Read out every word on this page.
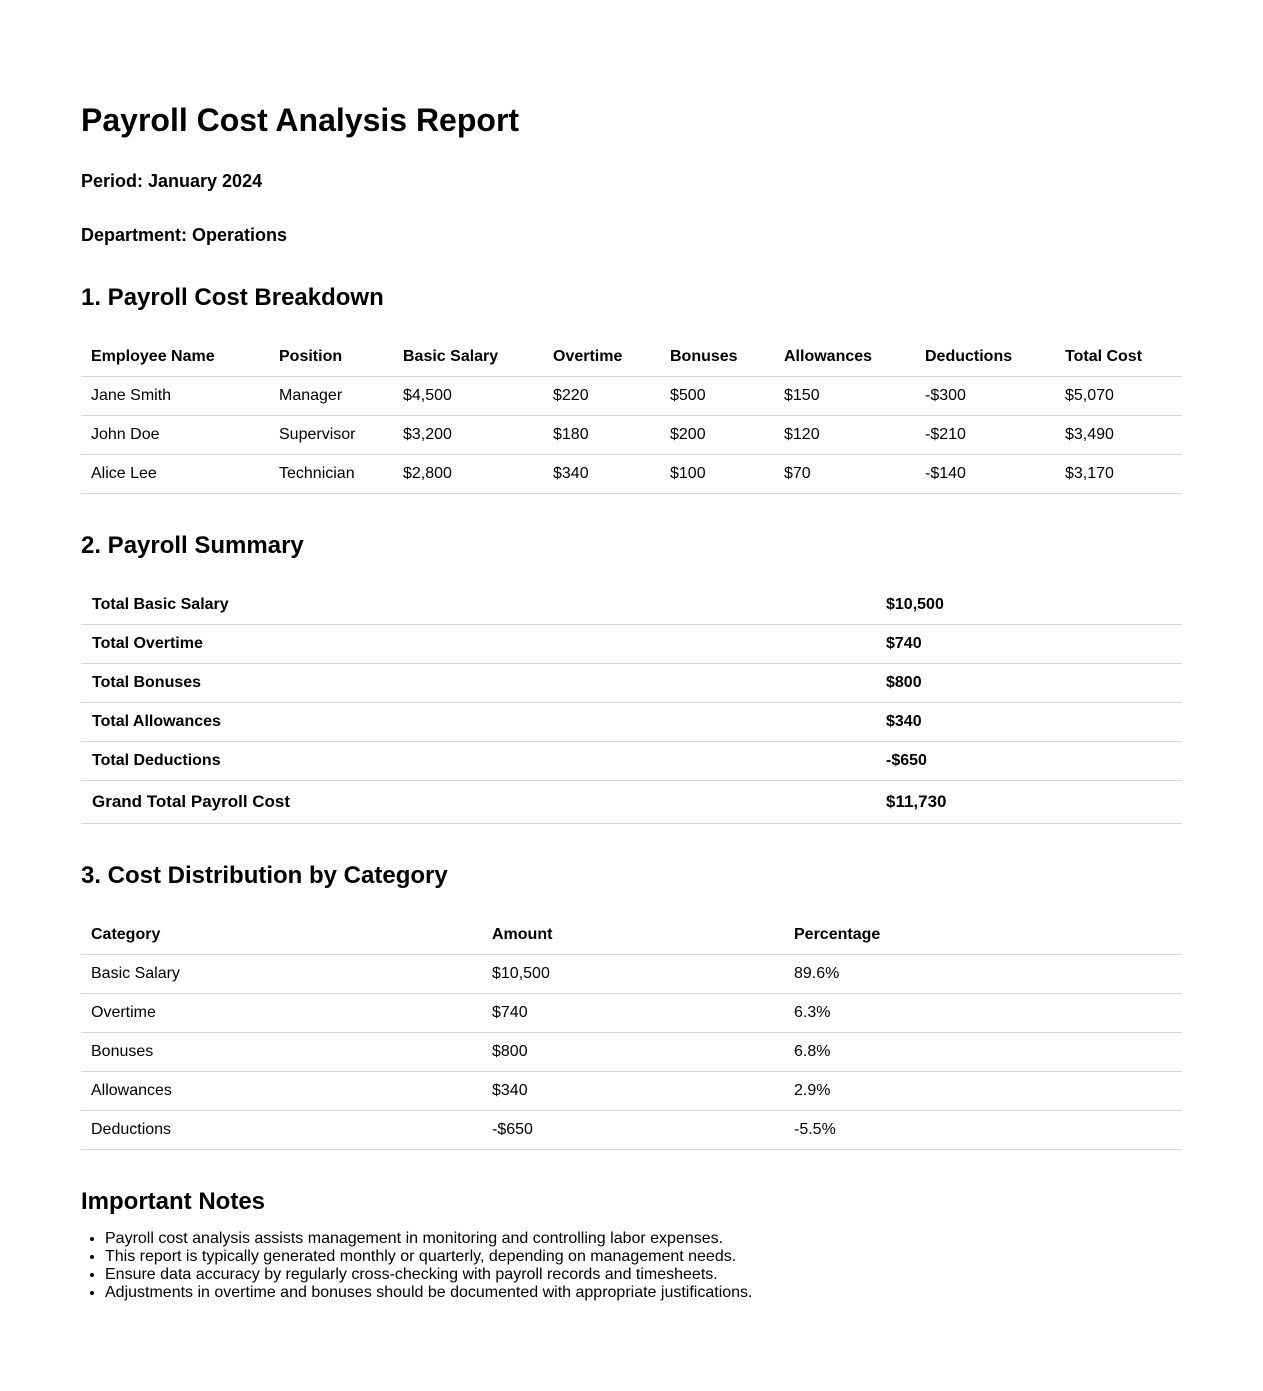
Payroll Cost Analysis Report

Period: January 2024

Department: Operations

1. Payroll Cost Breakdown
Employee Name	Position	Basic Salary	Overtime	Bonuses	Allowances	Deductions	Total Cost
Jane Smith	Manager	$4,500	$220	$500	$150	-$300	$5,070
John Doe	Supervisor	$3,200	$180	$200	$120	-$210	$3,490
Alice Lee	Technician	$2,800	$340	$100	$70	-$140	$3,170
2. Payroll Summary
Total Basic Salary	$10,500
Total Overtime	$740
Total Bonuses	$800
Total Allowances	$340
Total Deductions	-$650
Grand Total Payroll Cost	$11,730
3. Cost Distribution by Category
Category	Amount	Percentage
Basic Salary	$10,500	89.6%
Overtime	$740	6.3%
Bonuses	$800	6.8%
Allowances	$340	2.9%
Deductions	-$650	-5.5%
Important Notes
• Payroll cost analysis assists management in monitoring and controlling labor expenses.
• This report is typically generated monthly or quarterly, depending on management needs.
• Ensure data accuracy by regularly cross-checking with payroll records and timesheets.
• Adjustments in overtime and bonuses should be documented with appropriate justifications.
